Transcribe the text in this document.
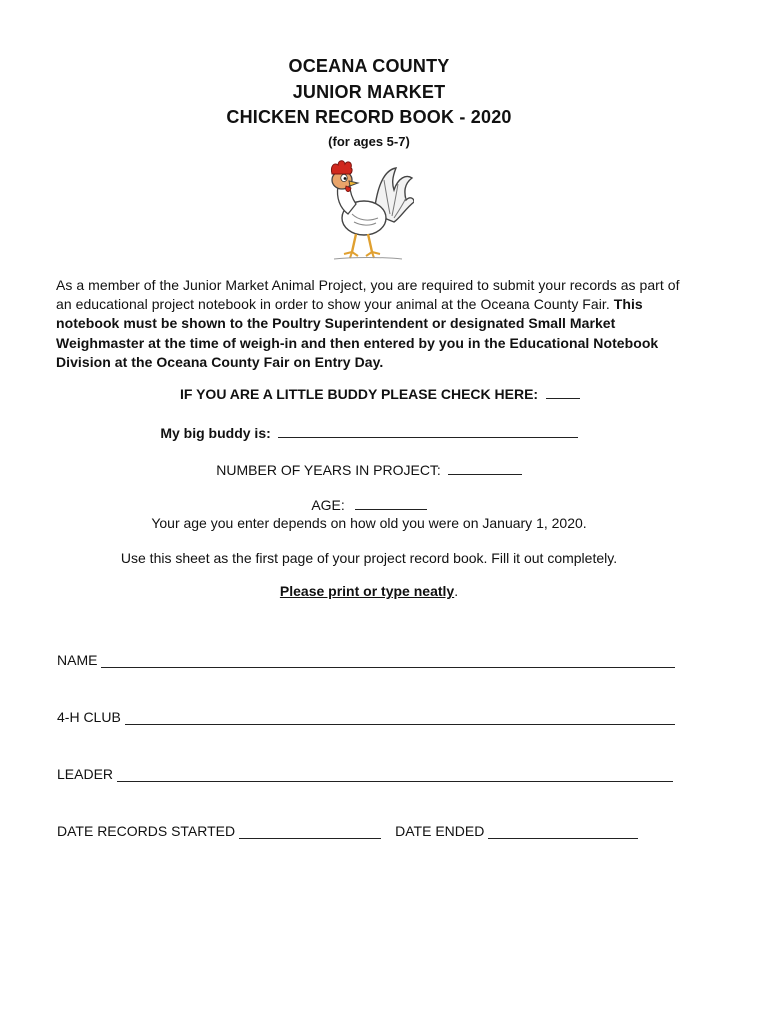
OCEANA COUNTY
JUNIOR MARKET
CHICKEN RECORD BOOK - 2020
(for ages 5-7)
As a member of the Junior Market Animal Project, you are required to submit your records as part of an educational project notebook in order to show your animal at the Oceana County Fair. This notebook must be shown to the Poultry Superintendent or designated Small Market Weighmaster at the time of weigh-in and then entered by you in the Educational Notebook Division at the Oceana County Fair on Entry Day.
IF YOU ARE A LITTLE BUDDY PLEASE CHECK HERE:
My big buddy is:
NUMBER OF YEARS IN PROJECT:
AGE:
Your age you enter depends on how old you were on January 1, 2020.
Use this sheet as the first page of your project record book. Fill it out completely.
Please print or type neatly.
NAME
4-H CLUB
LEADER
DATE RECORDS STARTED	DATE ENDED
